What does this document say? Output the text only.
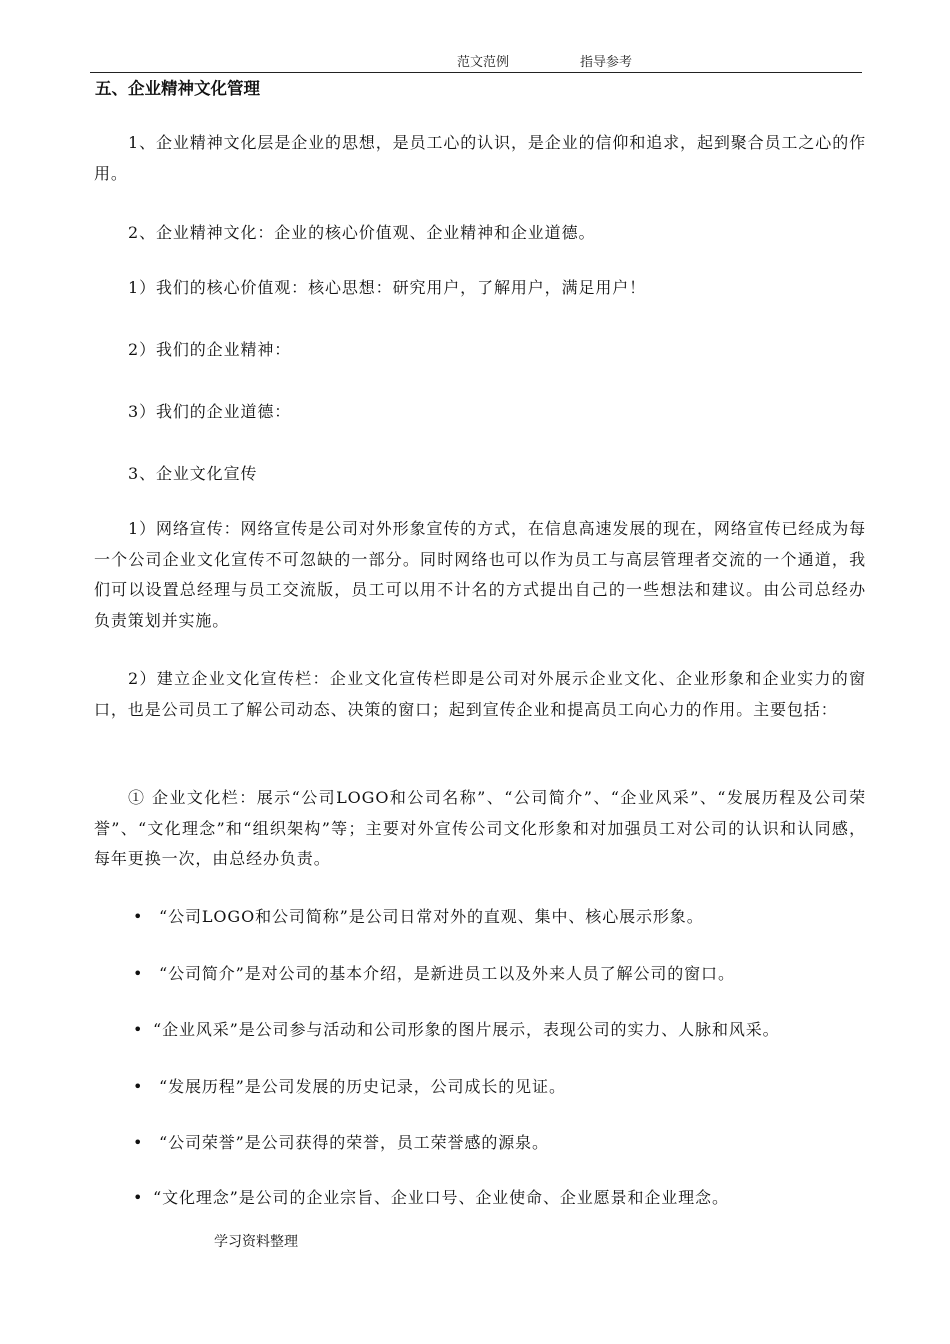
范文范例	指导参考
五、企业精神文化管理
1、企业精神文化层是企业的思想，是员工心的认识，是企业的信仰和追求，起到聚合员工之心的作用。
2、企业精神文化：企业的核心价值观、企业精神和企业道德。
1）我们的核心价值观：核心思想：研究用户，了解用户，满足用户！
2）我们的企业精神：
3）我们的企业道德：
3、企业文化宣传
1）网络宣传：网络宣传是公司对外形象宣传的方式，在信息高速发展的现在，网络宣传已经成为每一个公司企业文化宣传不可忽缺的一部分。同时网络也可以作为员工与高层管理者交流的一个通道，我们可以设置总经理与员工交流版，员工可以用不计名的方式提出自己的一些想法和建议。由公司总经办负责策划并实施。
2）建立企业文化宣传栏：企业文化宣传栏即是公司对外展示企业文化、企业形象和企业实力的窗口，也是公司员工了解公司动态、决策的窗口；起到宣传企业和提高员工向心力的作用。主要包括：
① 企业文化栏：展示“公司LOGO和公司名称”、“公司简介”、“企业风采”、“发展历程及公司荣誉”、“文化理念”和“组织架构”等；主要对外宣传公司文化形象和对加强员工对公司的认识和认同感，每年更换一次，由总经办负责。
• “公司LOGO和公司简称”是公司日常对外的直观、集中、核心展示形象。
• “公司简介”是对公司的基本介绍，是新进员工以及外来人员了解公司的窗口。
• “企业风采”是公司参与活动和公司形象的图片展示，表现公司的实力、人脉和风采。
• “发展历程”是公司发展的历史记录，公司成长的见证。
• “公司荣誉”是公司获得的荣誉，员工荣誉感的源泉。
• “文化理念”是公司的企业宗旨、企业口号、企业使命、企业愿景和企业理念。
学习资料整理
